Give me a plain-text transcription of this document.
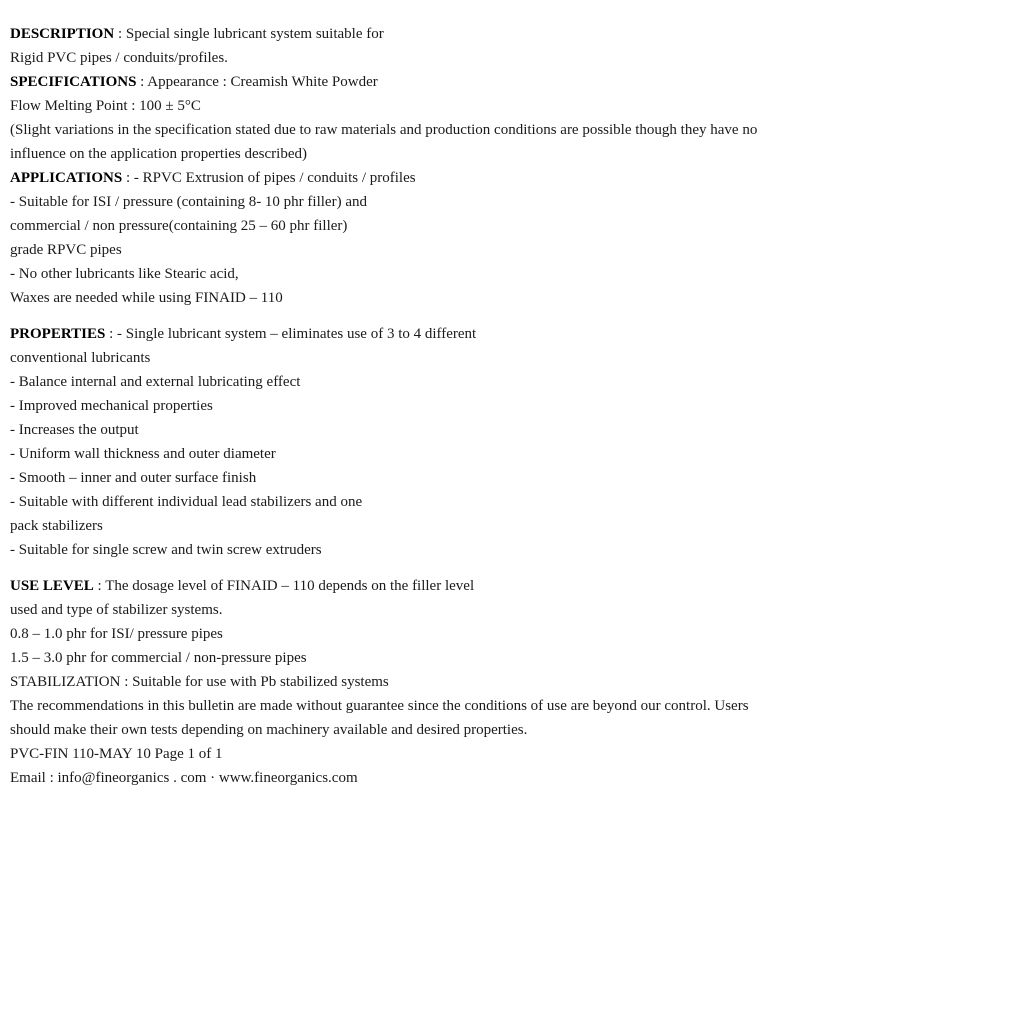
DESCRIPTION : Special single lubricant system suitable for
Rigid PVC pipes / conduits/profiles.
SPECIFICATIONS : Appearance : Creamish White Powder
Flow Melting Point : 100 ± 5°C
(Slight variations in the specification stated due to raw materials and production conditions are possible though they have no
influence on the application properties described)
APPLICATIONS : - RPVC Extrusion of pipes / conduits / profiles
- Suitable for ISI / pressure (containing 8- 10 phr filler) and
commercial / non pressure(containing 25 – 60 phr filler)
grade RPVC pipes
- No other lubricants like Stearic acid,
Waxes are needed while using FINAID – 110
PROPERTIES : - Single lubricant system – eliminates use of 3 to 4 different
conventional lubricants
- Balance internal and external lubricating effect
- Improved mechanical properties
- Increases the output
- Uniform wall thickness and outer diameter
- Smooth – inner and outer surface finish
- Suitable with different individual lead stabilizers and one
pack stabilizers
- Suitable for single screw and twin screw extruders
USE LEVEL : The dosage level of FINAID – 110 depends on the filler level
used and type of stabilizer systems.
0.8 – 1.0 phr for ISI/ pressure pipes
1.5 – 3.0 phr for commercial / non-pressure pipes
STABILIZATION : Suitable for use with Pb stabilized systems
The recommendations in this bulletin are made without guarantee since the conditions of use are beyond our control. Users
should make their own tests depending on machinery available and desired properties.
PVC-FIN 110-MAY 10 Page 1 of 1
Email : info@fineorganics . com · www.fineorganics.com
